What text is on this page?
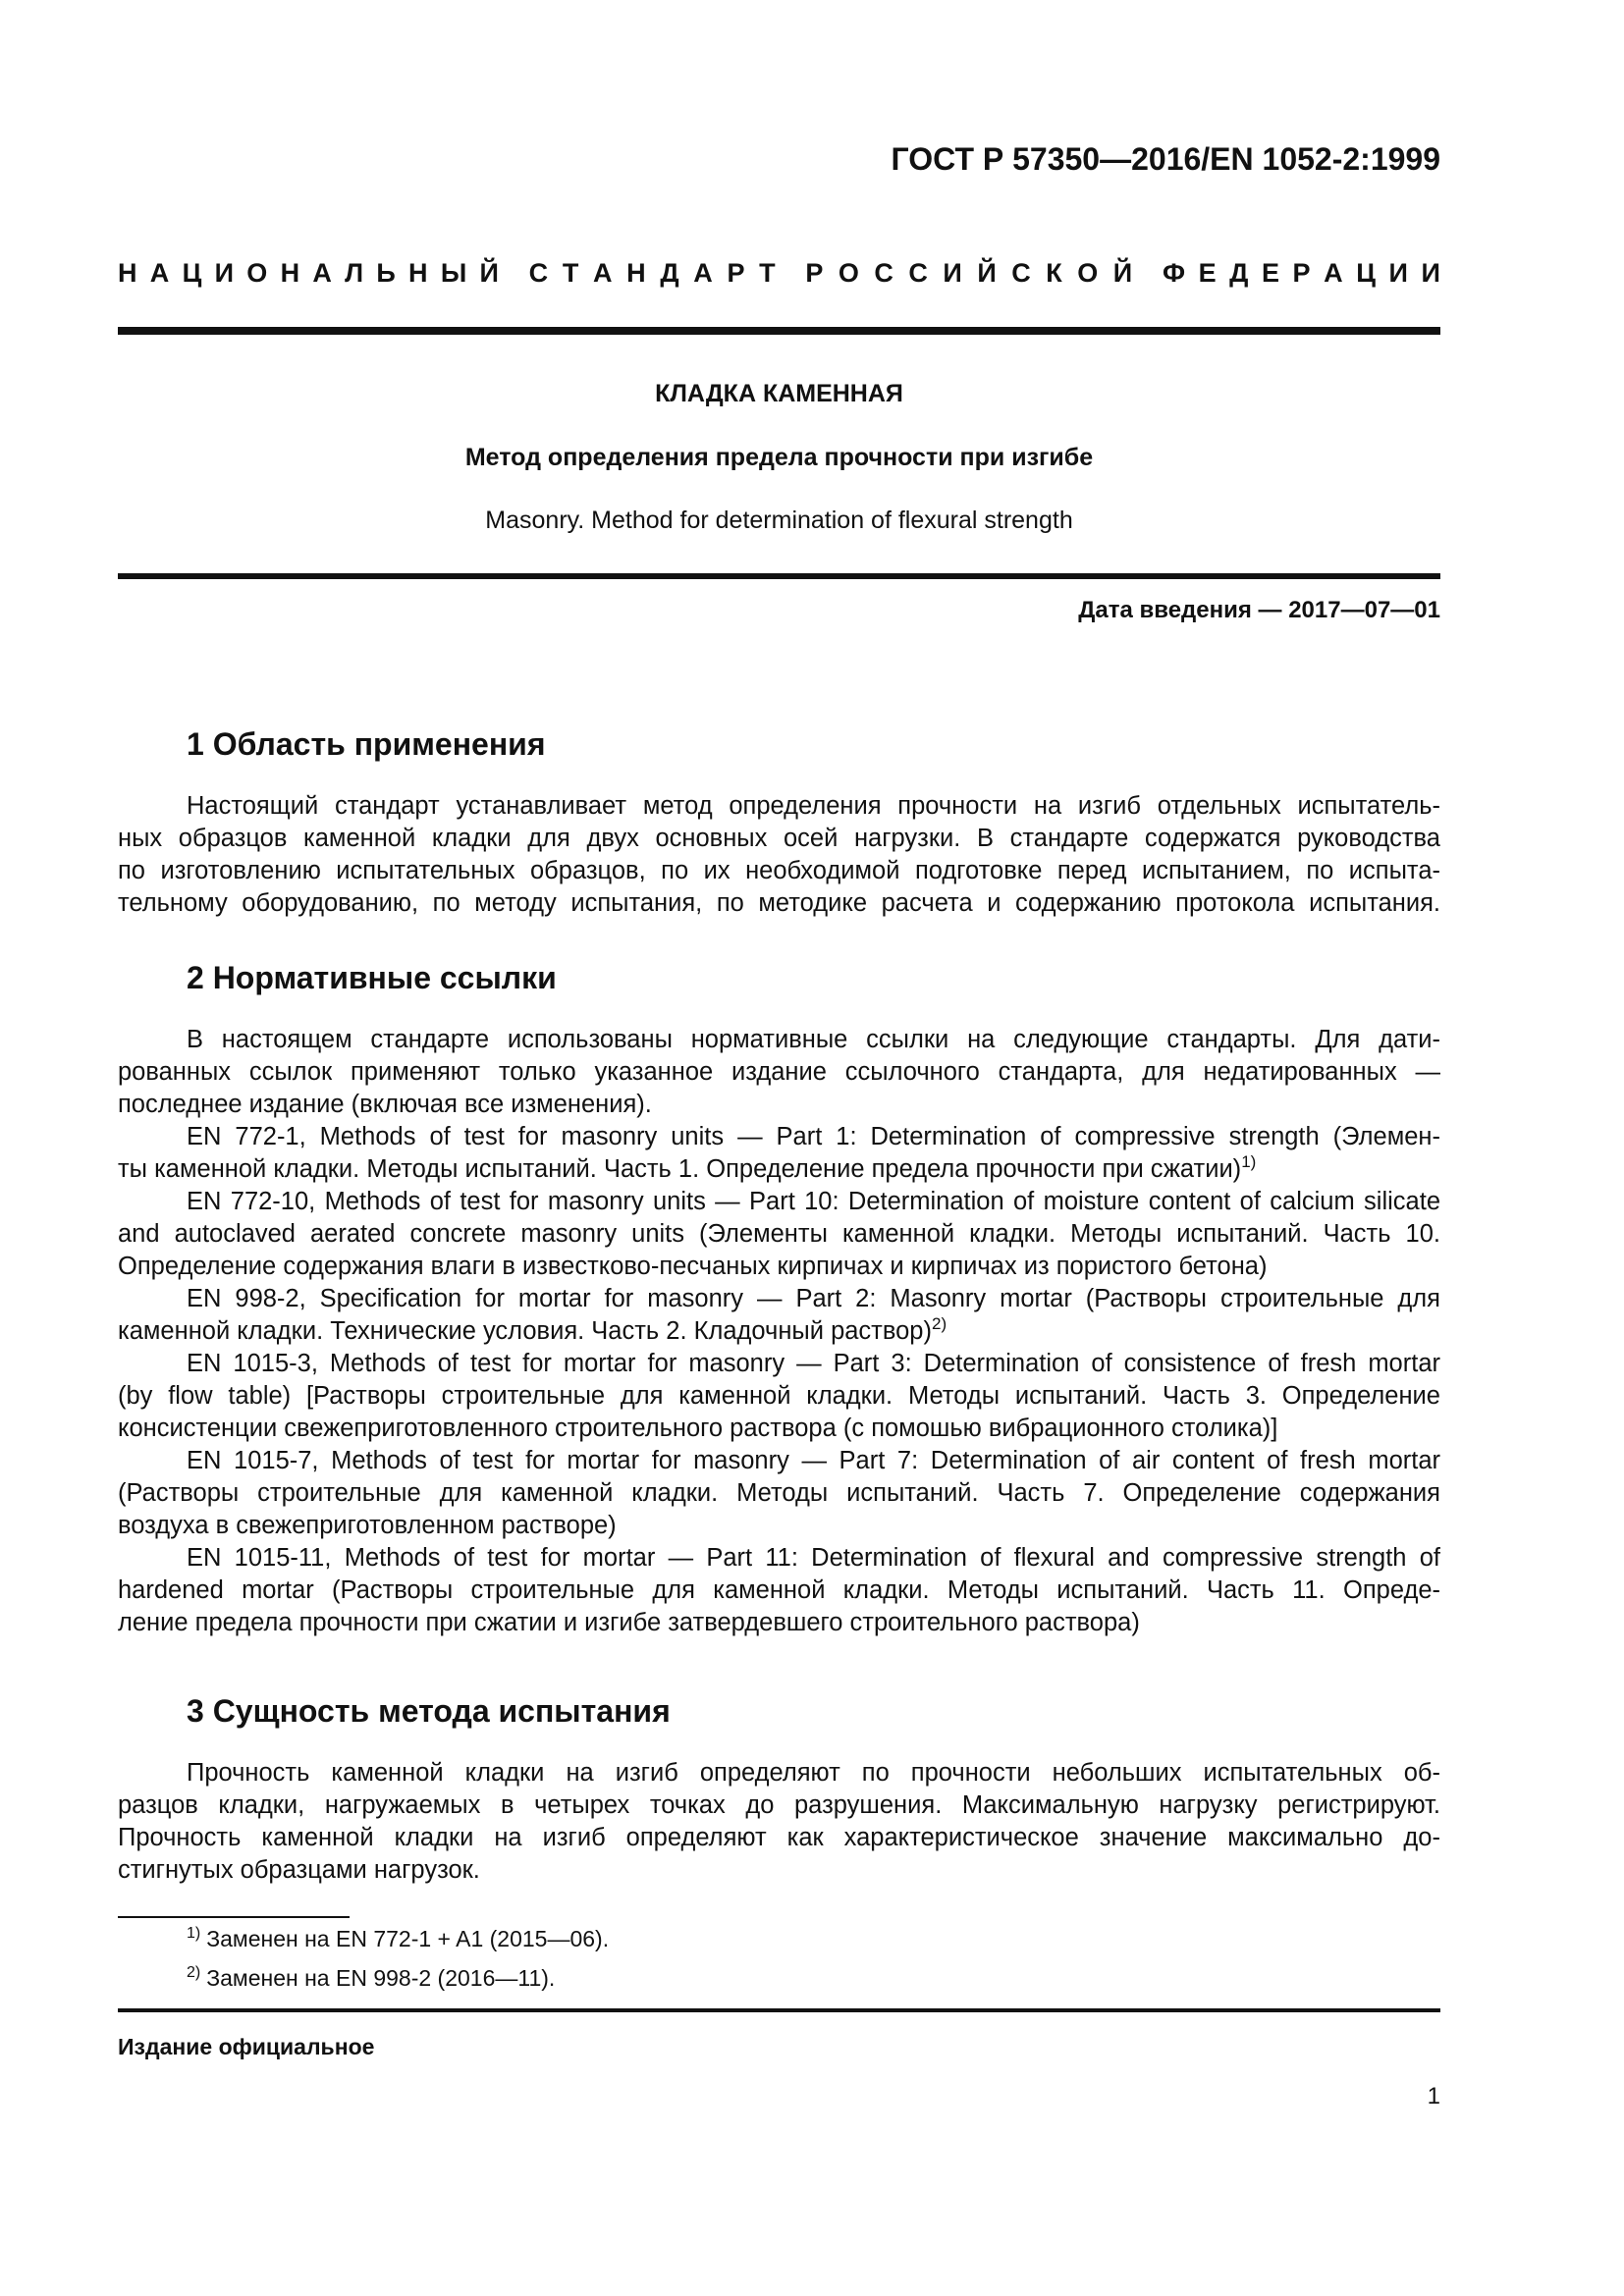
ГОСТ Р 57350—2016/EN 1052-2:1999
Н А Ц И О Н А Л Ь Н Ы Й С Т А Н Д А Р Т Р О С С И Й С К О Й Ф Е Д Е Р А Ц И И
КЛАДКА КАМЕННАЯ
Метод определения предела прочности при изгибе
Masonry. Method for determination of flexural strength
Дата введения — 2017—07—01
1 Область применения
Настоящий стандарт устанавливает метод определения прочности на изгиб отдельных испытатель-
ных образцов каменной кладки для двух основных осей нагрузки. В стандарте содержатся руководства
по изготовлению испытательных образцов, по их необходимой подготовке перед испытанием, по испыта-
тельному оборудованию, по методу испытания, по методике расчета и содержанию протокола испытания.
2 Нормативные ссылки
В настоящем стандарте использованы нормативные ссылки на следующие стандарты. Для дати-
рованных ссылок применяют только указанное издание ссылочного стандарта, для недатированных —
последнее издание (включая все изменения).
EN 772-1, Methods of test for masonry units — Part 1: Determination of compressive strength (Элемен-
ты каменной кладки. Методы испытаний. Часть 1. Определение предела прочности при сжатии)$^{1)}$
EN 772-10, Methods of test for masonry units — Part 10: Determination of moisture content of calcium silicate
and autoclaved aerated concrete masonry units (Элементы каменной кладки. Методы испытаний. Часть 10.
Определение содержания влаги в известково-песчаных кирпичах и кирпичах из пористого бетона)
EN 998-2, Specification for mortar for masonry — Part 2: Masonry mortar (Растворы строительные для
каменной кладки. Технические условия. Часть 2. Кладочный раствор)$^{2)}$
EN 1015-3, Methods of test for mortar for masonry — Part 3: Determination of consistence of fresh mortar
(by flow table) [Растворы строительные для каменной кладки. Методы испытаний. Часть 3. Определение
консистенции свежеприготовленного строительного раствора (с помошью вибрационного столика)]
EN 1015-7, Methods of test for mortar for masonry — Part 7: Determination of air content of fresh mortar
(Растворы строительные для каменной кладки. Методы испытаний. Часть 7. Определение содержания
воздуха в свежеприготовленном растворе)
EN 1015-11, Methods of test for mortar — Part 11: Determination of flexural and compressive strength of
hardened mortar (Растворы строительные для каменной кладки. Методы испытаний. Часть 11. Опреде-
ление предела прочности при сжатии и изгибе затвердевшего строительного раствора)
3 Сущность метода испытания
Прочность каменной кладки на изгиб определяют по прочности небольших испытательных об-
разцов кладки, нагружаемых в четырех точках до разрушения. Максимальную нагрузку регистрируют.
Прочность каменной кладки на изгиб определяют как характеристическое значение максимально до-
стигнутых образцами нагрузок.
$^{1)}$ Заменен на EN 772-1 + A1 (2015—06).
$^{2)}$ Заменен на EN 998-2 (2016—11).
Издание официальное
1
